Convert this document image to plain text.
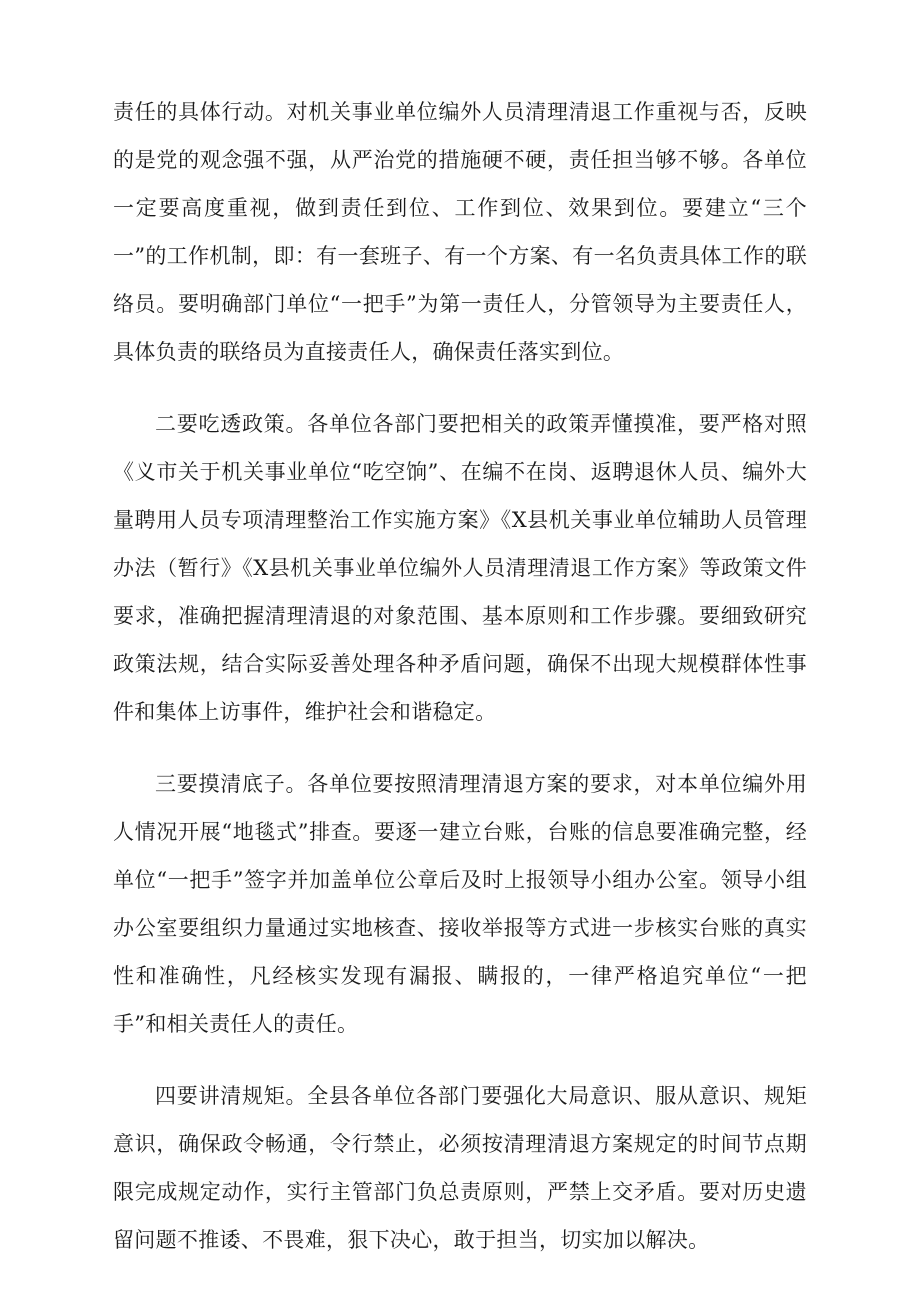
责任的具体行动。对机关事业单位编外人员清理清退工作重视与否，反映的是党的观念强不强，从严治党的措施硬不硬，责任担当够不够。各单位一定要高度重视，做到责任到位、工作到位、效果到位。要建立“三个一”的工作机制，即：有一套班子、有一个方案、有一名负责具体工作的联络员。要明确部门单位“一把手”为第一责任人，分管领导为主要责任人，具体负责的联络员为直接责任人，确保责任落实到位。

二要吃透政策。各单位各部门要把相关的政策弄懂摸准，要严格对照《义市关于机关事业单位“吃空饷”、在编不在岗、返聘退休人员、编外大量聘用人员专项清理整治工作实施方案》《X县机关事业单位辅助人员管理办法（暂行》《X县机关事业单位编外人员清理清退工作方案》等政策文件要求，准确把握清理清退的对象范围、基本原则和工作步骤。要细致研究政策法规，结合实际妥善处理各种矛盾问题，确保不出现大规模群体性事件和集体上访事件，维护社会和谐稳定。

三要摸清底子。各单位要按照清理清退方案的要求，对本单位编外用人情况开展“地毯式”排查。要逐一建立台账，台账的信息要准确完整，经单位“一把手”签字并加盖单位公章后及时上报领导小组办公室。领导小组办公室要组织力量通过实地核查、接收举报等方式进一步核实台账的真实性和准确性，凡经核实发现有漏报、瞒报的，一律严格追究单位“一把手”和相关责任人的责任。

四要讲清规矩。全县各单位各部门要强化大局意识、服从意识、规矩意识，确保政令畅通，令行禁止，必须按清理清退方案规定的时间节点期限完成规定动作，实行主管部门负总责原则，严禁上交矛盾。要对历史遗留问题不推诿、不畏难，狠下决心，敢于担当，切实加以解决。
